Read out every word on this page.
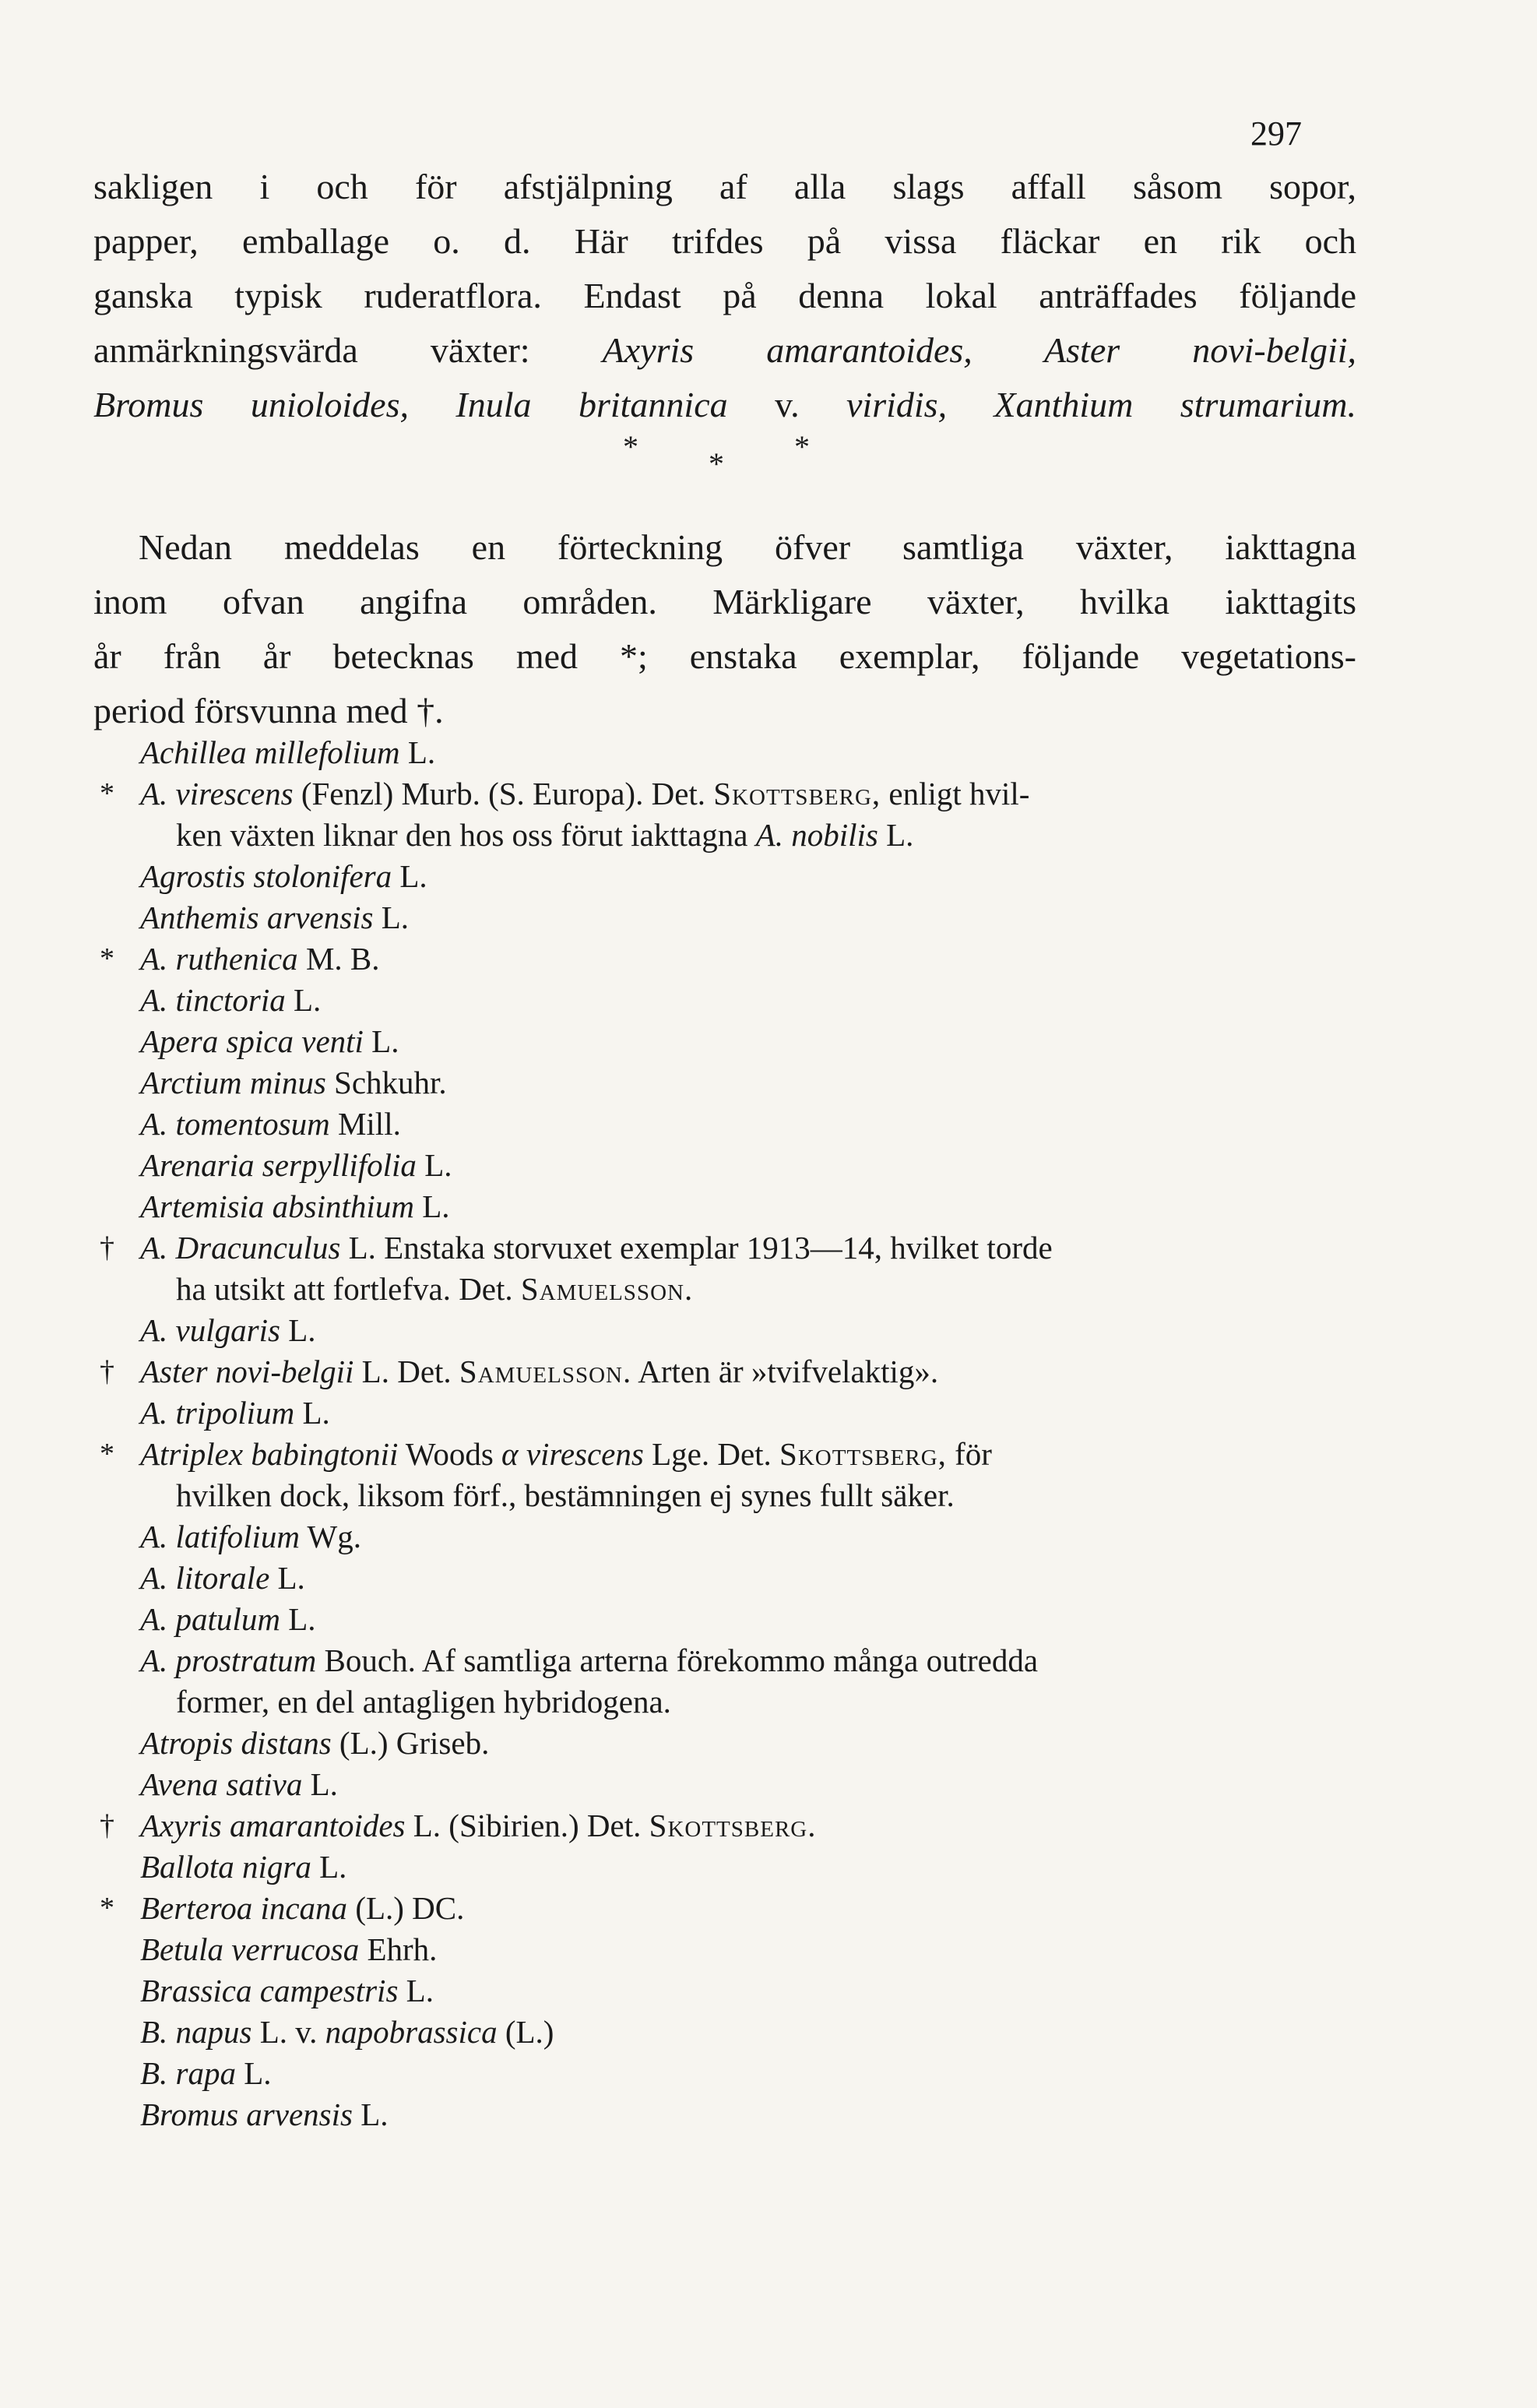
297
sakligen i och för afstjälpning af alla slags affall såsom sopor,
papper, emballage o. d. Här trifdes på vissa fläckar en rik och
ganska typisk ruderatflora. Endast på denna lokal anträffades följande
anmärkningsvärda växter: Axyris amarantoides, Aster novi-belgii,
Bromus unioloides, Inula britannica v. viridis, Xanthium strumarium.
* * *
Nedan meddelas en förteckning öfver samtliga växter, iakttagna
inom ofvan angifna områden. Märkligare växter, hvilka iakttagits
år från år betecknas med *; enstaka exemplar, följande vegetations-
period försvunna med †.
Achillea millefolium L.
* A. virescens (Fenzl) Murb. (S. Europa). Det. Skottsberg, enligt hvil-
ken växten liknar den hos oss förut iakttagna A. nobilis L.
Agrostis stolonifera L.
Anthemis arvensis L.
* A. ruthenica M. B.
A. tinctoria L.
Apera spica venti L.
Arctium minus Schkuhr.
A. tomentosum Mill.
Arenaria serpyllifolia L.
Artemisia absinthium L.
† A. Dracunculus L. Enstaka storvuxet exemplar 1913—14, hvilket torde
ha utsikt att fortlefva. Det. Samuelsson.
A. vulgaris L.
† Aster novi-belgii L. Det. Samuelsson. Arten är »tvifvelaktig».
A. tripolium L.
* Atriplex babingtonii Woods α virescens Lge. Det. Skottsberg, för
hvilken dock, liksom förf., bestämningen ej synes fullt säker.
A. latifolium Wg.
A. litorale L.
A. patulum L.
A. prostratum Bouch. Af samtliga arterna förekommo många outredda
former, en del antagligen hybridogena.
Atropis distans (L.) Griseb.
Avena sativa L.
† Axyris amarantoides L. (Sibirien.) Det. Skottsberg.
Ballota nigra L.
* Berteroa incana (L.) DC.
Betula verrucosa Ehrh.
Brassica campestris L.
B. napus L. v. napobrassica (L.)
B. rapa L.
Bromus arvensis L.
